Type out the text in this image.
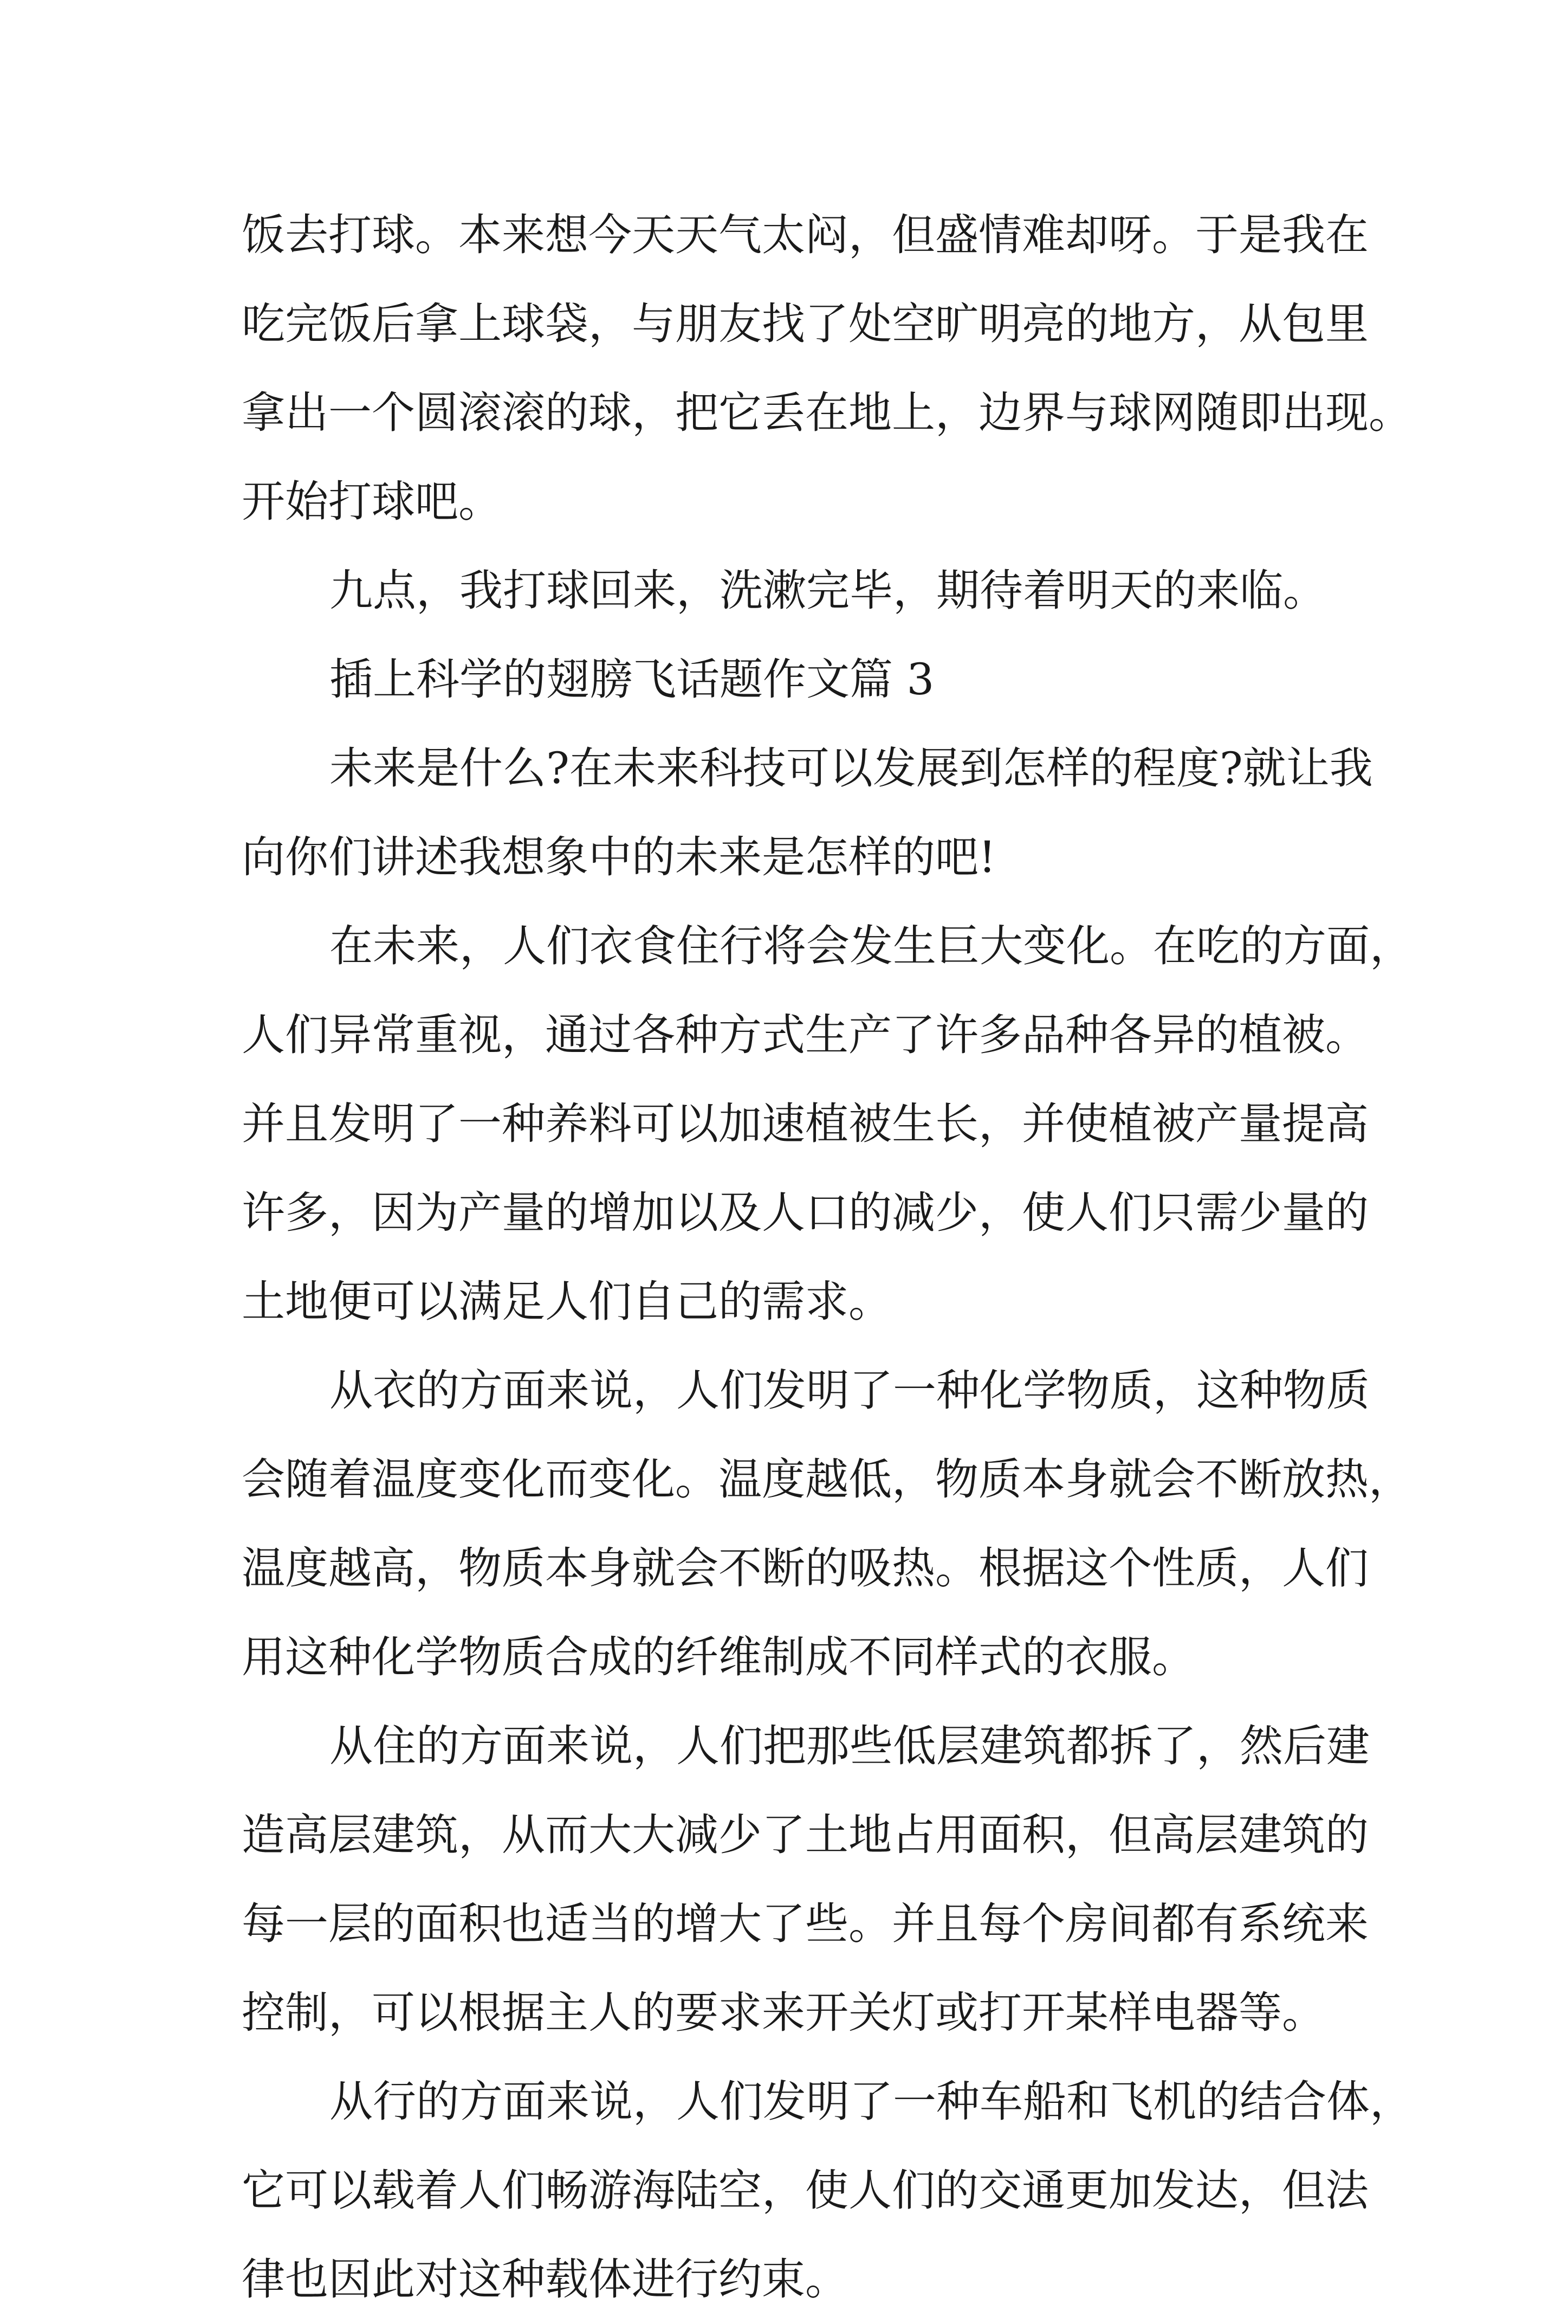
饭去打球。本来想今天天气太闷，但盛情难却呀。于是我在
吃完饭后拿上球袋，与朋友找了处空旷明亮的地方，从包里
拿出一个圆滚滚的球，把它丢在地上，边界与球网随即出现。
开始打球吧。
九点，我打球回来，洗漱完毕，期待着明天的来临。
插上科学的翅膀飞话题作文篇 3
未来是什么?在未来科技可以发展到怎样的程度?就让我
向你们讲述我想象中的未来是怎样的吧!
在未来，人们衣食住行将会发生巨大变化。在吃的方面，
人们异常重视，通过各种方式生产了许多品种各异的植被。
并且发明了一种养料可以加速植被生长，并使植被产量提高
许多，因为产量的增加以及人口的减少，使人们只需少量的
土地便可以满足人们自己的需求。
从衣的方面来说，人们发明了一种化学物质，这种物质
会随着温度变化而变化。温度越低，物质本身就会不断放热，
温度越高，物质本身就会不断的吸热。根据这个性质，人们
用这种化学物质合成的纤维制成不同样式的衣服。
从住的方面来说，人们把那些低层建筑都拆了，然后建
造高层建筑，从而大大减少了土地占用面积，但高层建筑的
每一层的面积也适当的增大了些。并且每个房间都有系统来
控制，可以根据主人的要求来开关灯或打开某样电器等。
从行的方面来说，人们发明了一种车船和飞机的结合体，
它可以载着人们畅游海陆空，使人们的交通更加发达，但法
律也因此对这种载体进行约束。
